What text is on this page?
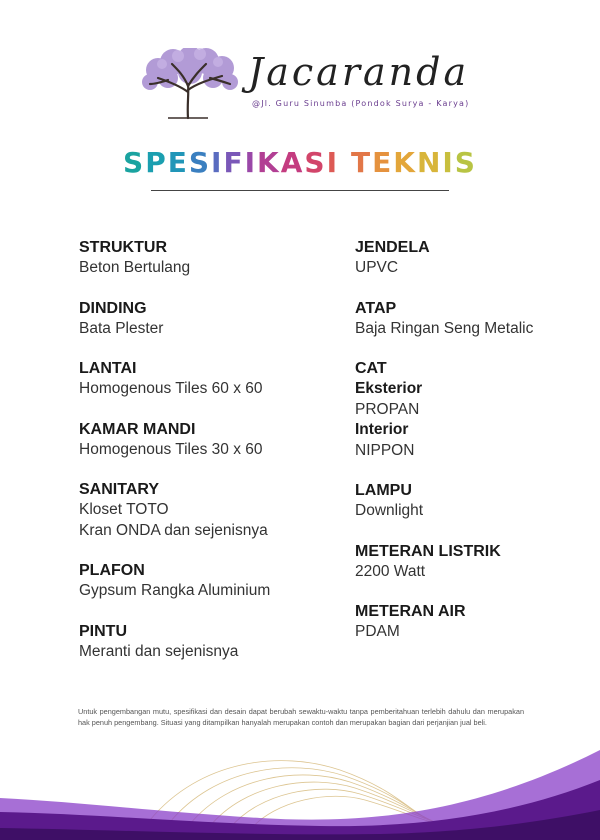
Jacaranda
@Jl. Guru Sinumba (Pondok Surya - Karya)
SPESIFIKASI TEKNIS
STRUKTUR
Beton Bertulang
DINDING
Bata Plester
LANTAI
Homogenous Tiles 60 x 60
KAMAR MANDI
Homogenous Tiles 30 x 60
SANITARY
Kloset TOTO
Kran ONDA dan sejenisnya
PLAFON
Gypsum Rangka Aluminium
PINTU
Meranti dan sejenisnya
JENDELA
UPVC
ATAP
Baja Ringan Seng Metalic
CAT
Eksterior
PROPAN
Interior
NIPPON
LAMPU
Downlight
METERAN LISTRIK
2200 Watt
METERAN AIR
PDAM
Untuk pengembangan mutu, spesifikasi dan desain dapat berubah sewaktu-waktu tanpa pemberitahuan terlebih dahulu dan merupakan hak penuh pengembang. Situasi yang ditampilkan hanyalah merupakan contoh dan merupakan bagian dari perjanjian jual beli.
